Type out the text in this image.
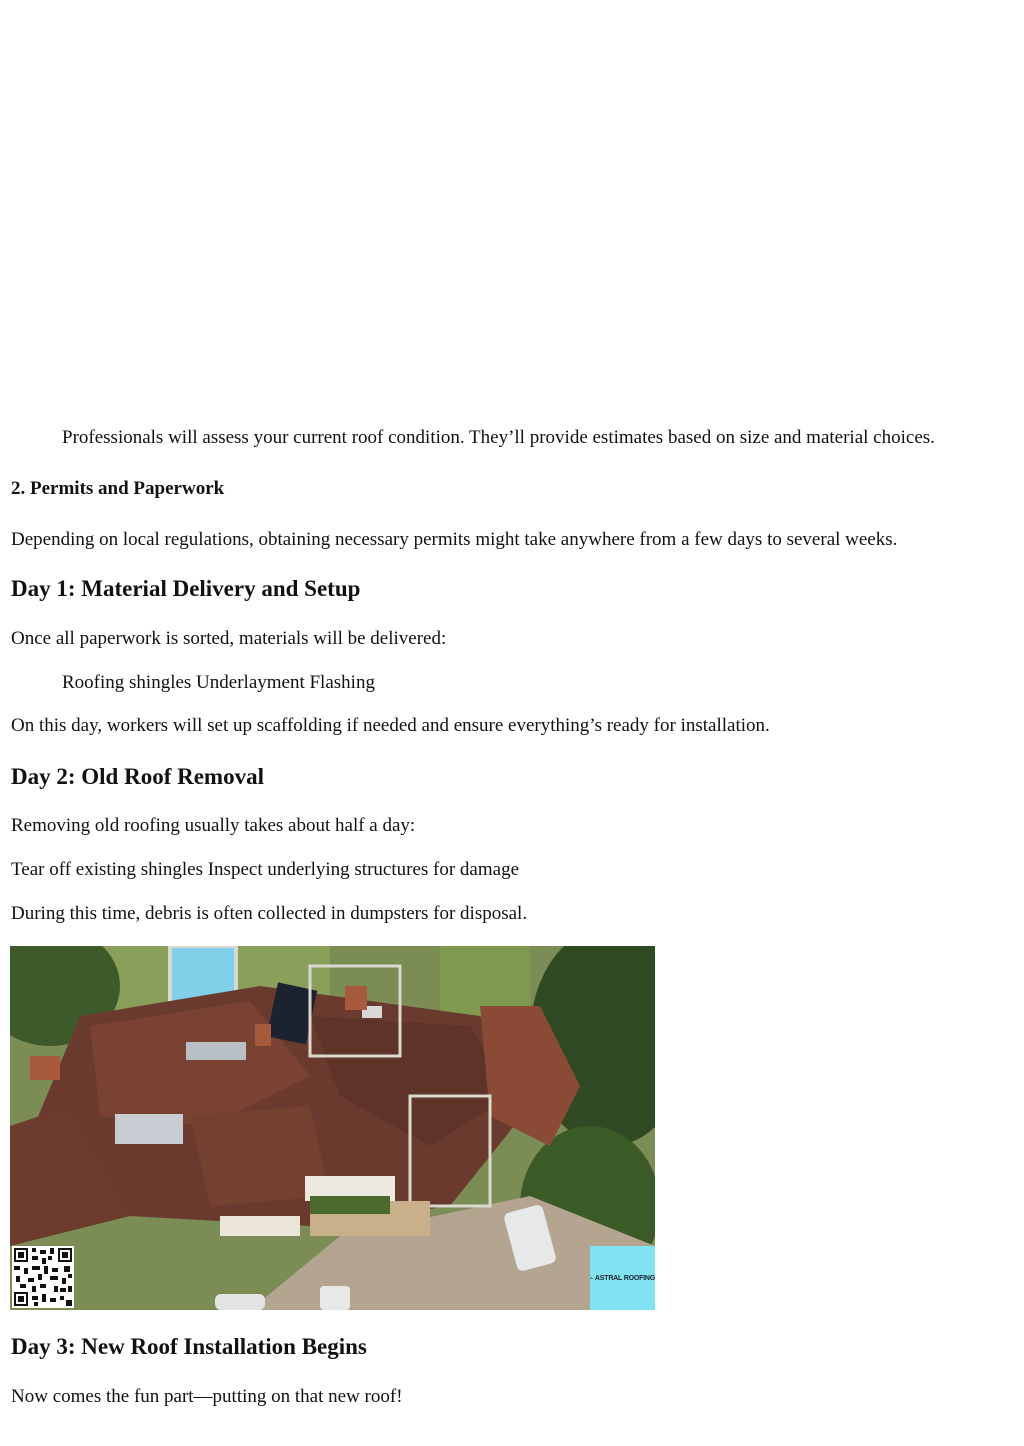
Professionals will assess your current roof condition. They’ll provide estimates based on size and material choices.

2. Permits and Paperwork

Depending on local regulations, obtaining necessary permits might take anywhere from a few days to several weeks.

Day 1: Material Delivery and Setup

Once all paperwork is sorted, materials will be delivered:

Roofing shingles Underlayment Flashing

On this day, workers will set up scaffolding if needed and ensure everything’s ready for installation.

Day 2: Old Roof Removal

Removing old roofing usually takes about half a day:

Tear off existing shingles Inspect underlying structures for damage

During this time, debris is often collected in dumpsters for disposal.

ASTRAL ROOFING
Day 3: New Roof Installation Begins

Now comes the fun part—putting on that new roof!
